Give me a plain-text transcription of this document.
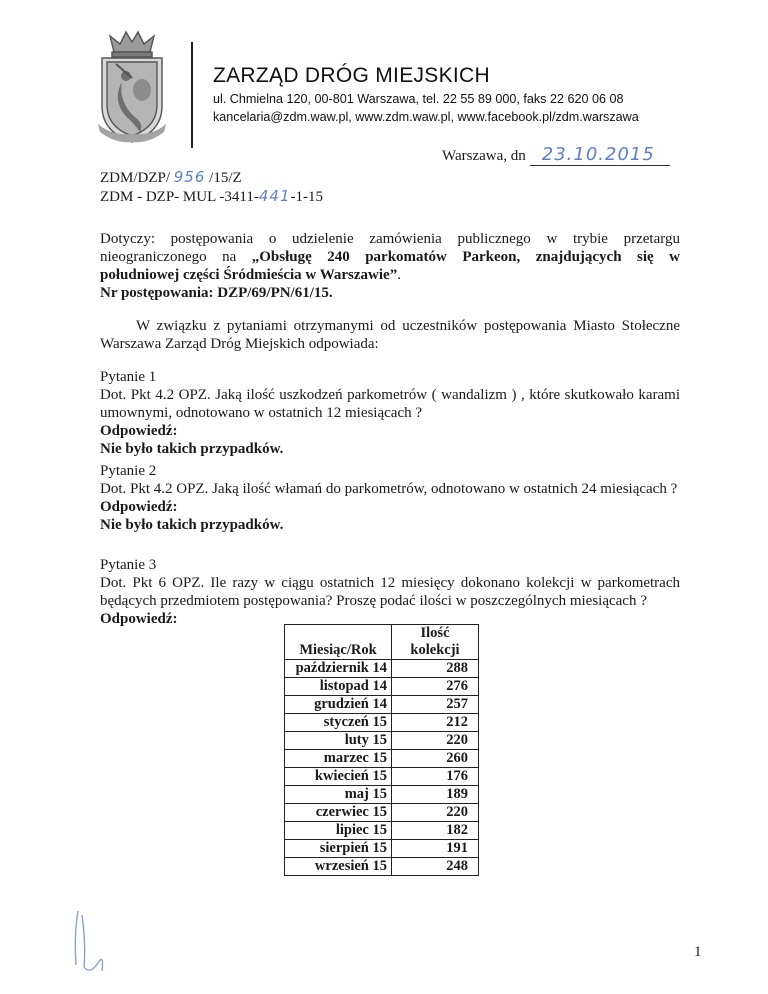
ZARZĄD DRÓG MIEJSKICH
ul. Chmielna 120, 00-801 Warszawa, tel. 22 55 89 000, faks 22 620 06 08
kancelaria@zdm.waw.pl, www.zdm.waw.pl, www.facebook.pl/zdm.warszawa
Warszawa, dn 23.10.2015
ZDM/DZP/ 956 /15/Z
ZDM - DZP- MUL -3411-441-1-15
Dotyczy: postępowania o udzielenie zamówienia publicznego w trybie przetargu
nieograniczonego na „Obsługę 240 parkomatów Parkeon, znajdujących się w
południowej części Śródmieścia w Warszawie”.
Nr postępowania: DZP/69/PN/61/15.
W związku z pytaniami otrzymanymi od uczestników postępowania Miasto Stołeczne Warszawa Zarząd Dróg Miejskich odpowiada:
Pytanie 1
Dot. Pkt 4.2 OPZ. Jaką ilość uszkodzeń parkometrów ( wandalizm ) , które skutkowało karami umownymi, odnotowano w ostatnich 12 miesiącach ?
Odpowiedź:
Nie było takich przypadków.
Pytanie 2
Dot. Pkt 4.2 OPZ. Jaką ilość włamań do parkometrów, odnotowano w ostatnich 24 miesiącach ?
Odpowiedź:
Nie było takich przypadków.
Pytanie 3
Dot. Pkt 6 OPZ. Ile razy w ciągu ostatnich 12 miesięcy dokonano kolekcji w parkometrach będących przedmiotem postępowania? Proszę podać ilości w poszczególnych miesiącach ?
Odpowiedź:
Miesiąc/Rok	Ilość
kolekcji

październik 14	288
listopad 14	276
grudzień 14	257
styczeń 15	212
luty 15	220
marzec 15	260
kwiecień 15	176
maj 15	189
czerwiec 15	220
lipiec 15	182
sierpień 15	191
wrzesień 15	248
1
